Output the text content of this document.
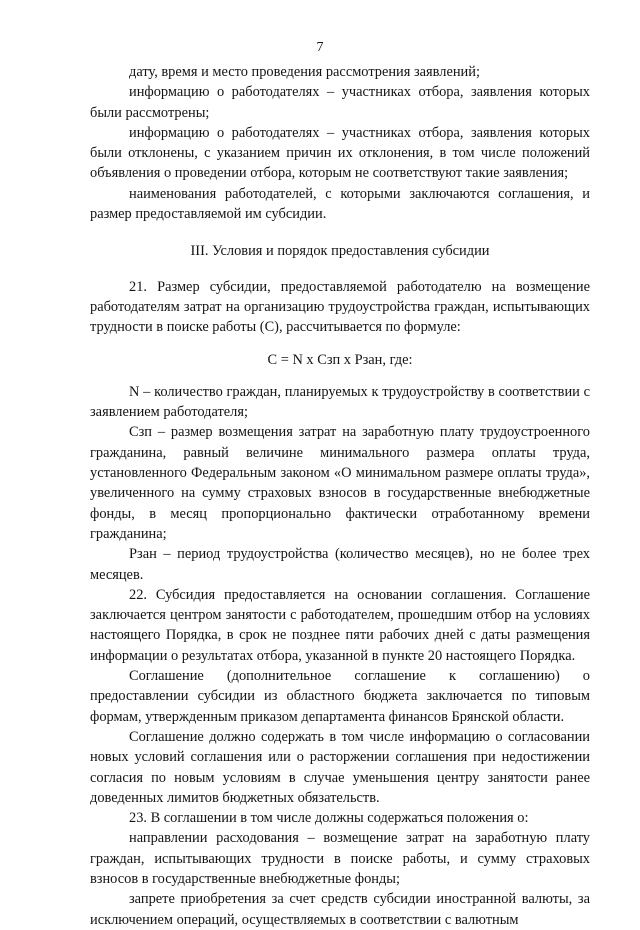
7

дату, время и место проведения рассмотрения заявлений;

информацию о работодателях – участниках отбора, заявления которых были рассмотрены;

информацию о работодателях – участниках отбора, заявления которых были отклонены, с указанием причин их отклонения, в том числе положений объявления о проведении отбора, которым не соответствуют такие заявления;

наименования работодателей, с которыми заключаются соглашения, и размер предоставляемой им субсидии.

III. Условия и порядок предоставления субсидии

21. Размер субсидии, предоставляемой работодателю на возмещение работодателям затрат на организацию трудоустройства граждан, испытывающих трудности в поиске работы (С), рассчитывается по формуле:

С = N х Сзп х Рзан, где:

N – количество граждан, планируемых к трудоустройству в соответствии с заявлением работодателя;

Сзп – размер возмещения затрат на заработную плату трудоустроенного гражданина, равный величине минимального размера оплаты труда, установленного Федеральным законом «О минимальном размере оплаты труда», увеличенного на сумму страховых взносов в государственные внебюджетные фонды, в месяц пропорционально фактически отработанному времени гражданина;

Рзан – период трудоустройства (количество месяцев), но не более трех месяцев.

22. Субсидия предоставляется на основании соглашения. Соглашение заключается центром занятости с работодателем, прошедшим отбор на условиях настоящего Порядка, в срок не позднее пяти рабочих дней с даты размещения информации о результатах отбора, указанной в пункте 20 настоящего Порядка.

Соглашение (дополнительное соглашение к соглашению) о предоставлении субсидии из областного бюджета заключается по типовым формам, утвержденным приказом департамента финансов Брянской области.

Соглашение должно содержать в том числе информацию о согласовании новых условий соглашения или о расторжении соглашения при недостижении согласия по новым условиям в случае уменьшения центру занятости ранее доведенных лимитов бюджетных обязательств.

23. В соглашении в том числе должны содержаться положения о:

направлении расходования – возмещение затрат на заработную плату граждан, испытывающих трудности в поиске работы, и сумму страховых взносов в государственные внебюджетные фонды;

запрете приобретения за счет средств субсидии иностранной валюты, за исключением операций, осуществляемых в соответствии с валютным
